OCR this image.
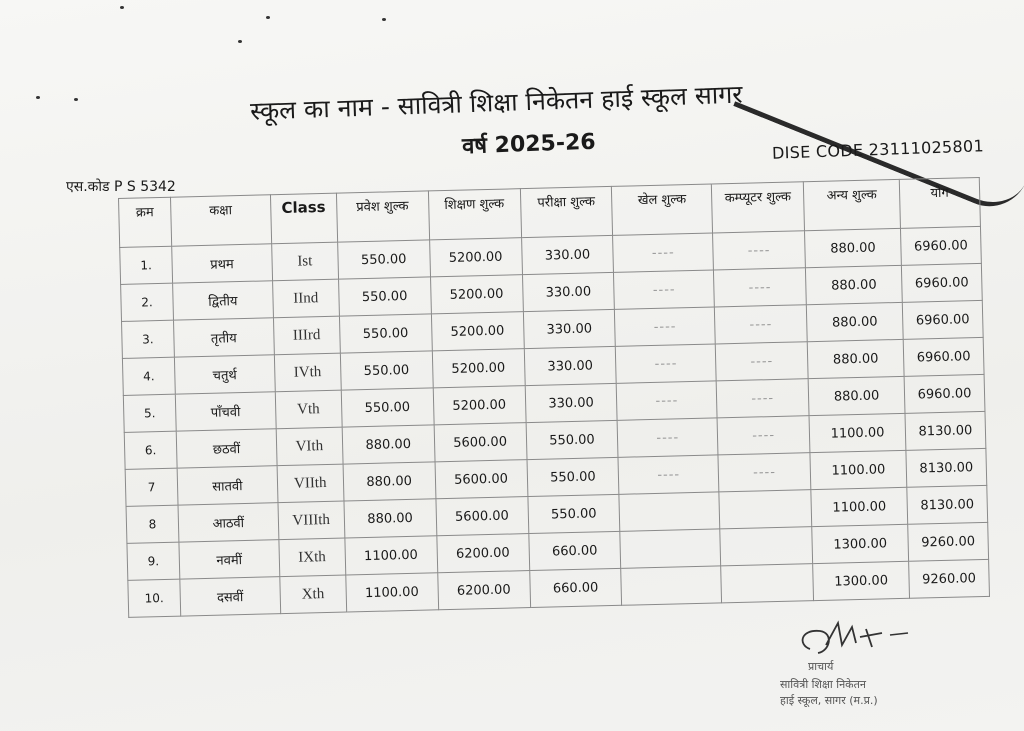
स्कूल का नाम - सावित्री शिक्षा निकेतन हाई स्कूल सागर
वर्ष 2025-26	DISE CODE 23111025801
एस.कोड P S 5342
क्रम	कक्षा	Class	प्रवेश शुल्क	शिक्षण शुल्क	परीक्षा शुल्क	खेल शुल्क	कम्प्यूटर शुल्क	अन्य शुल्क	योग
1.	प्रथम	Ist	550.00	5200.00	330.00	----	----	880.00	6960.00
2.	द्वितीय	IInd	550.00	5200.00	330.00	----	----	880.00	6960.00
3.	तृतीय	IIIrd	550.00	5200.00	330.00	----	----	880.00	6960.00
4.	चतुर्थ	IVth	550.00	5200.00	330.00	----	----	880.00	6960.00
5.	पाँचवी	Vth	550.00	5200.00	330.00	----	----	880.00	6960.00
6.	छठवीं	VIth	880.00	5600.00	550.00	----	----	1100.00	8130.00
7	सातवी	VIIth	880.00	5600.00	550.00	----	----	1100.00	8130.00
8	आठवीं	VIIIth	880.00	5600.00	550.00			1100.00	8130.00
9.	नवमीं	IXth	1100.00	6200.00	660.00			1300.00	9260.00
10.	दसवीं	Xth	1100.00	6200.00	660.00			1300.00	9260.00
प्राचार्य
सावित्री शिक्षा निकेतन
हाई स्कूल, सागर (म.प्र.)
